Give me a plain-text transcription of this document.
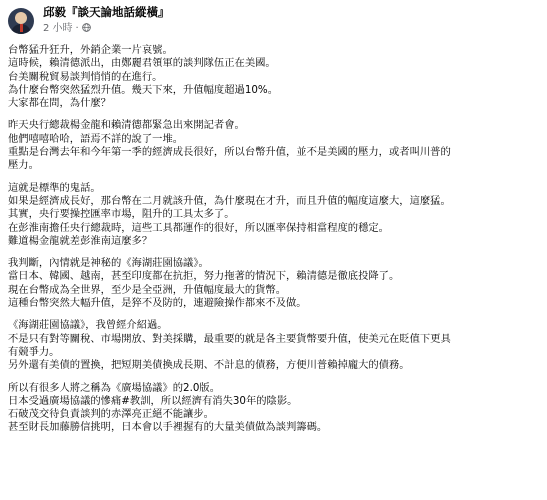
邱毅『談天論地話縱橫』
2 小時 ·
台幣猛升狂升，外銷企業一片哀號。
這時候，賴清德派出，由鄭麗君領軍的談判隊伍正在美國。
台美關稅貿易談判悄悄的在進行。
為什麼台幣突然猛烈升值。幾天下來，升值幅度超過10%。
大家都在問，為什麼？
昨天央行總裁楊金龍和賴清德都緊急出來開記者會。
他們嘻嘻哈哈，語焉不詳的說了一堆。
重點是台灣去年和今年第一季的經濟成長很好，所以台幣升值，並不是美國的壓力，或者叫川普的
壓力。
這就是標準的鬼話。
如果是經濟成長好，那台幣在二月就該升值，為什麼現在才升，而且升值的幅度這麼大，這麼猛。
其實，央行要操控匯率市場，阻升的工具太多了。
在彭淮南擔任央行總裁時，這些工具都運作的很好，所以匯率保持相當程度的穩定。
難道楊金龍就差彭淮南這麼多？
我判斷，內情就是神秘的《海湖莊園協議》。
當日本、韓國、越南，甚至印度都在抗拒，努力拖著的情況下，賴清德是徹底投降了。
現在台幣成為全世界，至少是全亞洲，升值幅度最大的貨幣。
這種台幣突然大幅升值，是猝不及防的，連避險操作都來不及做。
《海湖莊園協議》，我曾經介紹過。
不是只有對等關稅、市場開放、對美採購，最重要的就是各主要貨幣要升值，使美元在貶值下更具
有競爭力。
另外還有美債的置換，把短期美債換成長期、不計息的債務，方便川普賴掉龐大的債務。
所以有很多人將之稱為《廣場協議》的2.0版。
日本受過廣場協議的慘痛#教訓，所以經濟有消失30年的陰影。
石破茂交待負責談判的赤澤亮正絕不能讓步。
甚至財長加藤勝信挑明，日本會以手裡握有的大量美債做為談判籌碼。
